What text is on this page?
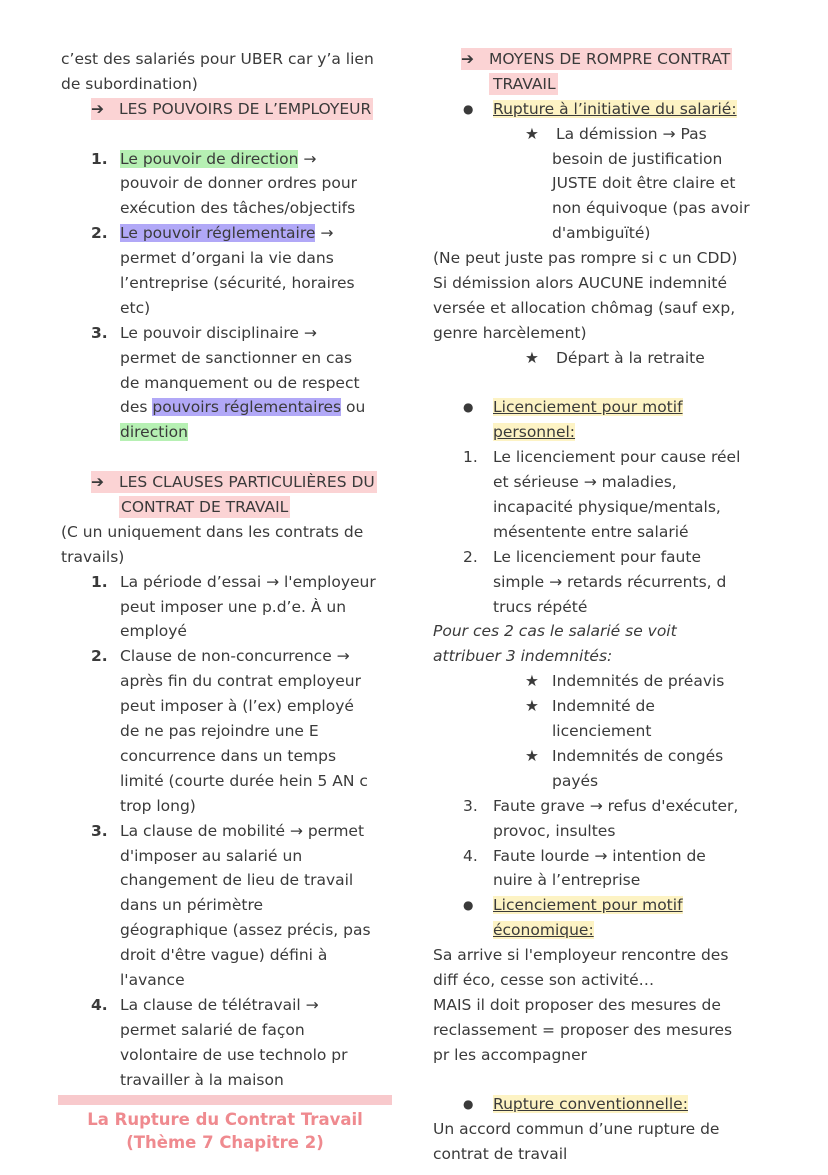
c’est des salariés pour UBER car y’a lien
de subordination)
➔ LES POUVOIRS DE L’EMPLOYEUR
1. Le pouvoir de direction →
pouvoir de donner ordres pour
exécution des tâches/objectifs
2. Le pouvoir réglementaire →
permet d’organi la vie dans
l’entreprise (sécurité, horaires
etc)
3. Le pouvoir disciplinaire →
permet de sanctionner en cas
de manquement ou de respect
des pouvoirs réglementaires ou
direction
➔ LES CLAUSES PARTICULIÈRES DU
CONTRAT DE TRAVAIL
(C un uniquement dans les contrats de
travails)
1. La période d’essai → l'employeur
peut imposer une p.d’e. À un
employé
2. Clause de non-concurrence →
après fin du contrat employeur
peut imposer à (l’ex) employé
de ne pas rejoindre une E
concurrence dans un temps
limité (courte durée hein 5 AN c
trop long)
3. La clause de mobilité → permet
d'imposer au salarié un
changement de lieu de travail
dans un périmètre
géographique (assez précis, pas
droit d'être vague) défini à
l'avance
4. La clause de télétravail →
permet salarié de façon
volontaire de use technolo pr
travailler à la maison
La Rupture du Contrat Travail
(Thème 7 Chapitre 2)
➔ MOYENS DE ROMPRE CONTRAT
TRAVAIL
● Rupture à l’initiative du salarié:
★ La démission → Pas
besoin de justification
JUSTE doit être claire et
non équivoque (pas avoir
d'ambiguïté)
(Ne peut juste pas rompre si c un CDD)
Si démission alors AUCUNE indemnité
versée et allocation chômag (sauf exp,
genre harcèlement)
★ Départ à la retraite
● Licenciement pour motif
personnel:
1. Le licenciement pour cause réel
et sérieuse → maladies,
incapacité physique/mentals,
mésentente entre salarié
2. Le licenciement pour faute
simple → retards récurrents, d
trucs répété
Pour ces 2 cas le salarié se voit
attribuer 3 indemnités:
★ Indemnités de préavis
★ Indemnité de
licenciement
★ Indemnités de congés
payés
3. Faute grave → refus d'exécuter,
provoc, insultes
4. Faute lourde → intention de
nuire à l’entreprise
● Licenciement pour motif
économique:
Sa arrive si l'employeur rencontre des
diff éco, cesse son activité…
MAIS il doit proposer des mesures de
reclassement = proposer des mesures
pr les accompagner
● Rupture conventionnelle:
Un accord commun d’une rupture de
contrat de travail
